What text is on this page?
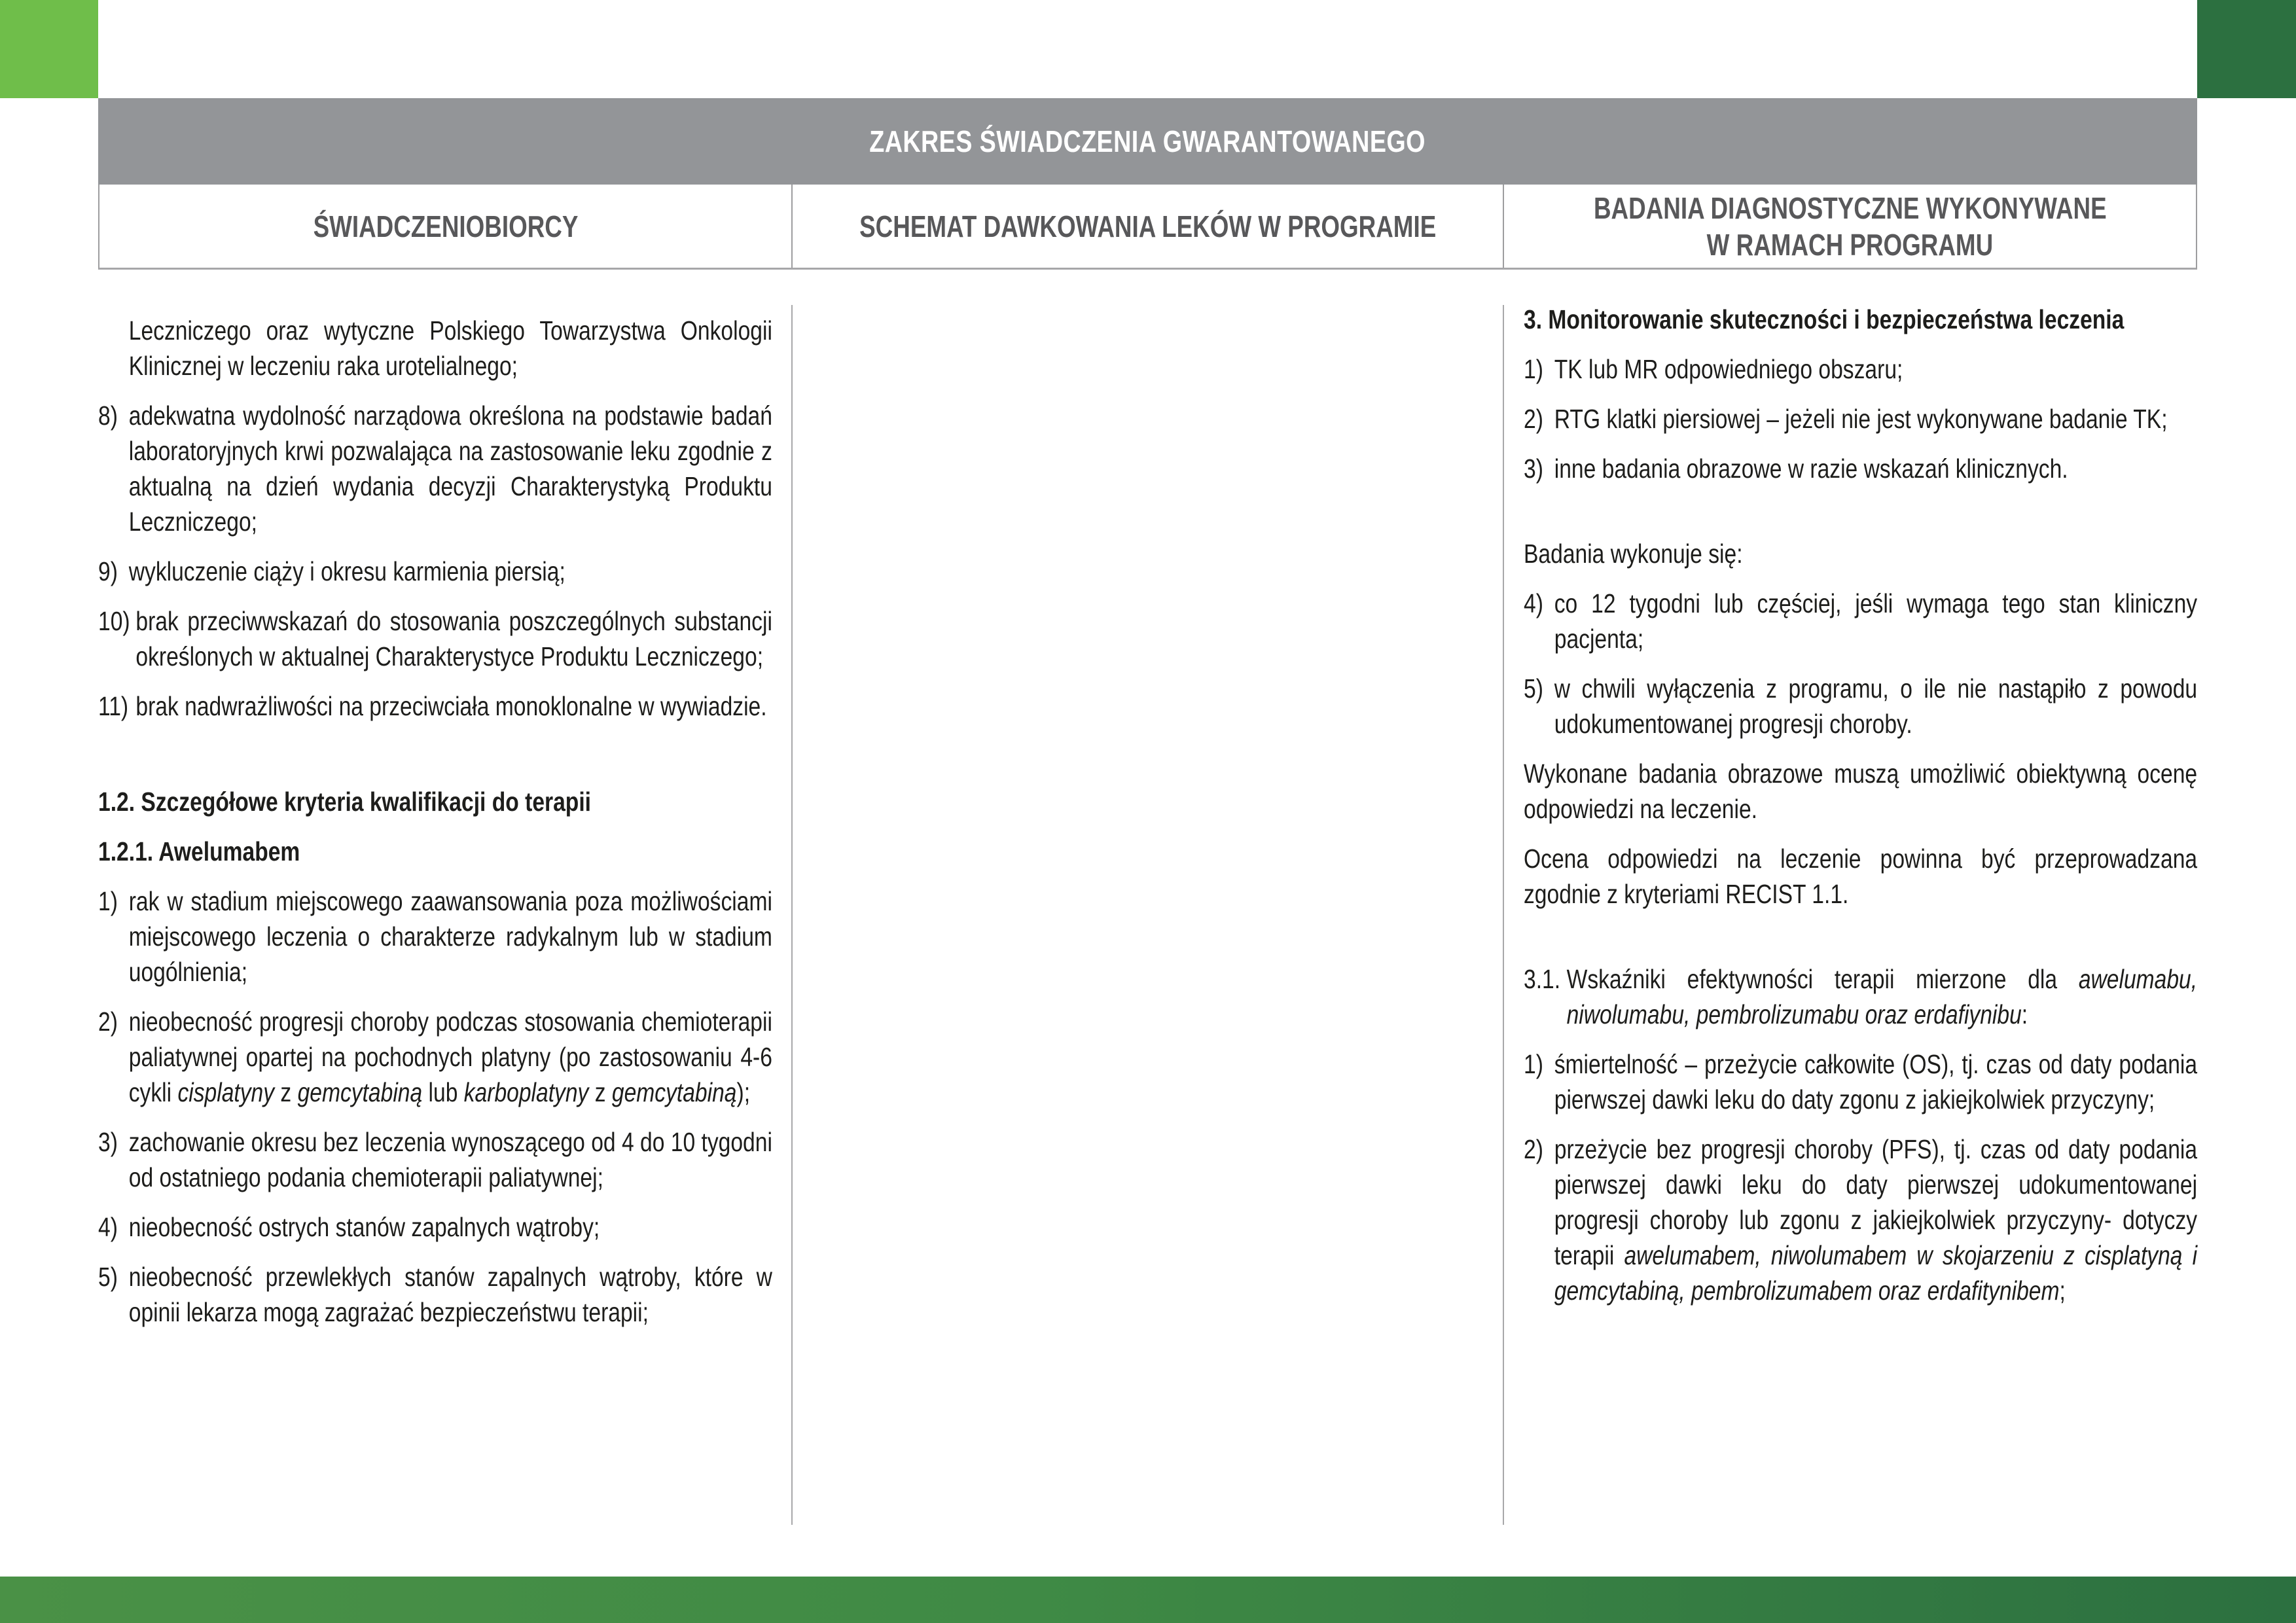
ZAKRES ŚWIADCZENIA GWARANTOWANEGO
ŚWIADCZENIOBIORCY	SCHEMAT DAWKOWANIA LEKÓW W PROGRAMIE
BADANIA DIAGNOSTYCZNE WYKONYWANE
W RAMACH PROGRAMU

Leczniczego oraz wytyczne Polskiego Towarzystwa Onkologii Klinicznej w leczeniu raka urotelialnego;

8) adekwatna wydolność narządowa określona na podstawie badań laboratoryjnych krwi pozwalająca na zastosowanie leku zgodnie z aktualną na dzień wydania decyzji Charakterystyką Produktu Leczniczego;
9) wykluczenie ciąży i okresu karmienia piersią;
10) brak przeciwwskazań do stosowania poszczególnych substancji określonych w aktualnej Charakterystyce Produktu Leczniczego;
11) brak nadwrażliwości na przeciwciała monoklonalne w wywiadzie.

1.2. Szczegółowe kryteria kwalifikacji do terapii

1.2.1. Awelumabem

1) rak w stadium miejscowego zaawansowania poza możliwościami miejscowego leczenia o charakterze radykalnym lub w stadium uogólnienia;
2) nieobecność progresji choroby podczas stosowania chemioterapii paliatywnej opartej na pochodnych platyny (po zastosowaniu 4-6 cykli cisplatyny z gemcytabiną lub karboplatyny z gemcytabiną);
3) zachowanie okresu bez leczenia wynoszącego od 4 do 10 tygodni od ostatniego podania chemioterapii paliatywnej;
4) nieobecność ostrych stanów zapalnych wątroby;
5) nieobecność przewlekłych stanów zapalnych wątroby, które w opinii lekarza mogą zagrażać bezpieczeństwu terapii;

3. Monitorowanie skuteczności i bezpieczeństwa leczenia

1) TK lub MR odpowiedniego obszaru;
2) RTG klatki piersiowej – jeżeli nie jest wykonywane badanie TK;
3) inne badania obrazowe w razie wskazań klinicznych.

Badania wykonuje się:

4) co 12 tygodni lub częściej, jeśli wymaga tego stan kliniczny pacjenta;
5) w chwili wyłączenia z programu, o ile nie nastąpiło z powodu udokumentowanej progresji choroby.

Wykonane badania obrazowe muszą umożliwić obiektywną ocenę odpowiedzi na leczenie.

Ocena odpowiedzi na leczenie powinna być przeprowadzana zgodnie z kryteriami RECIST 1.1.

3.1. Wskaźniki efektywności terapii mierzone dla awelumabu, niwolumabu, pembrolizumabu oraz erdafiynibu:
1) śmiertelność – przeżycie całkowite (OS), tj. czas od daty podania pierwszej dawki leku do daty zgonu z jakiejkolwiek przyczyny;
2) przeżycie bez progresji choroby (PFS), tj. czas od daty podania pierwszej dawki leku do daty pierwszej udokumentowanej progresji choroby lub zgonu z jakiejkolwiek przyczyny- dotyczy terapii awelumabem, niwolumabem w skojarzeniu z cisplatyną i gemcytabiną, pembrolizumabem oraz erdafitynibem;
